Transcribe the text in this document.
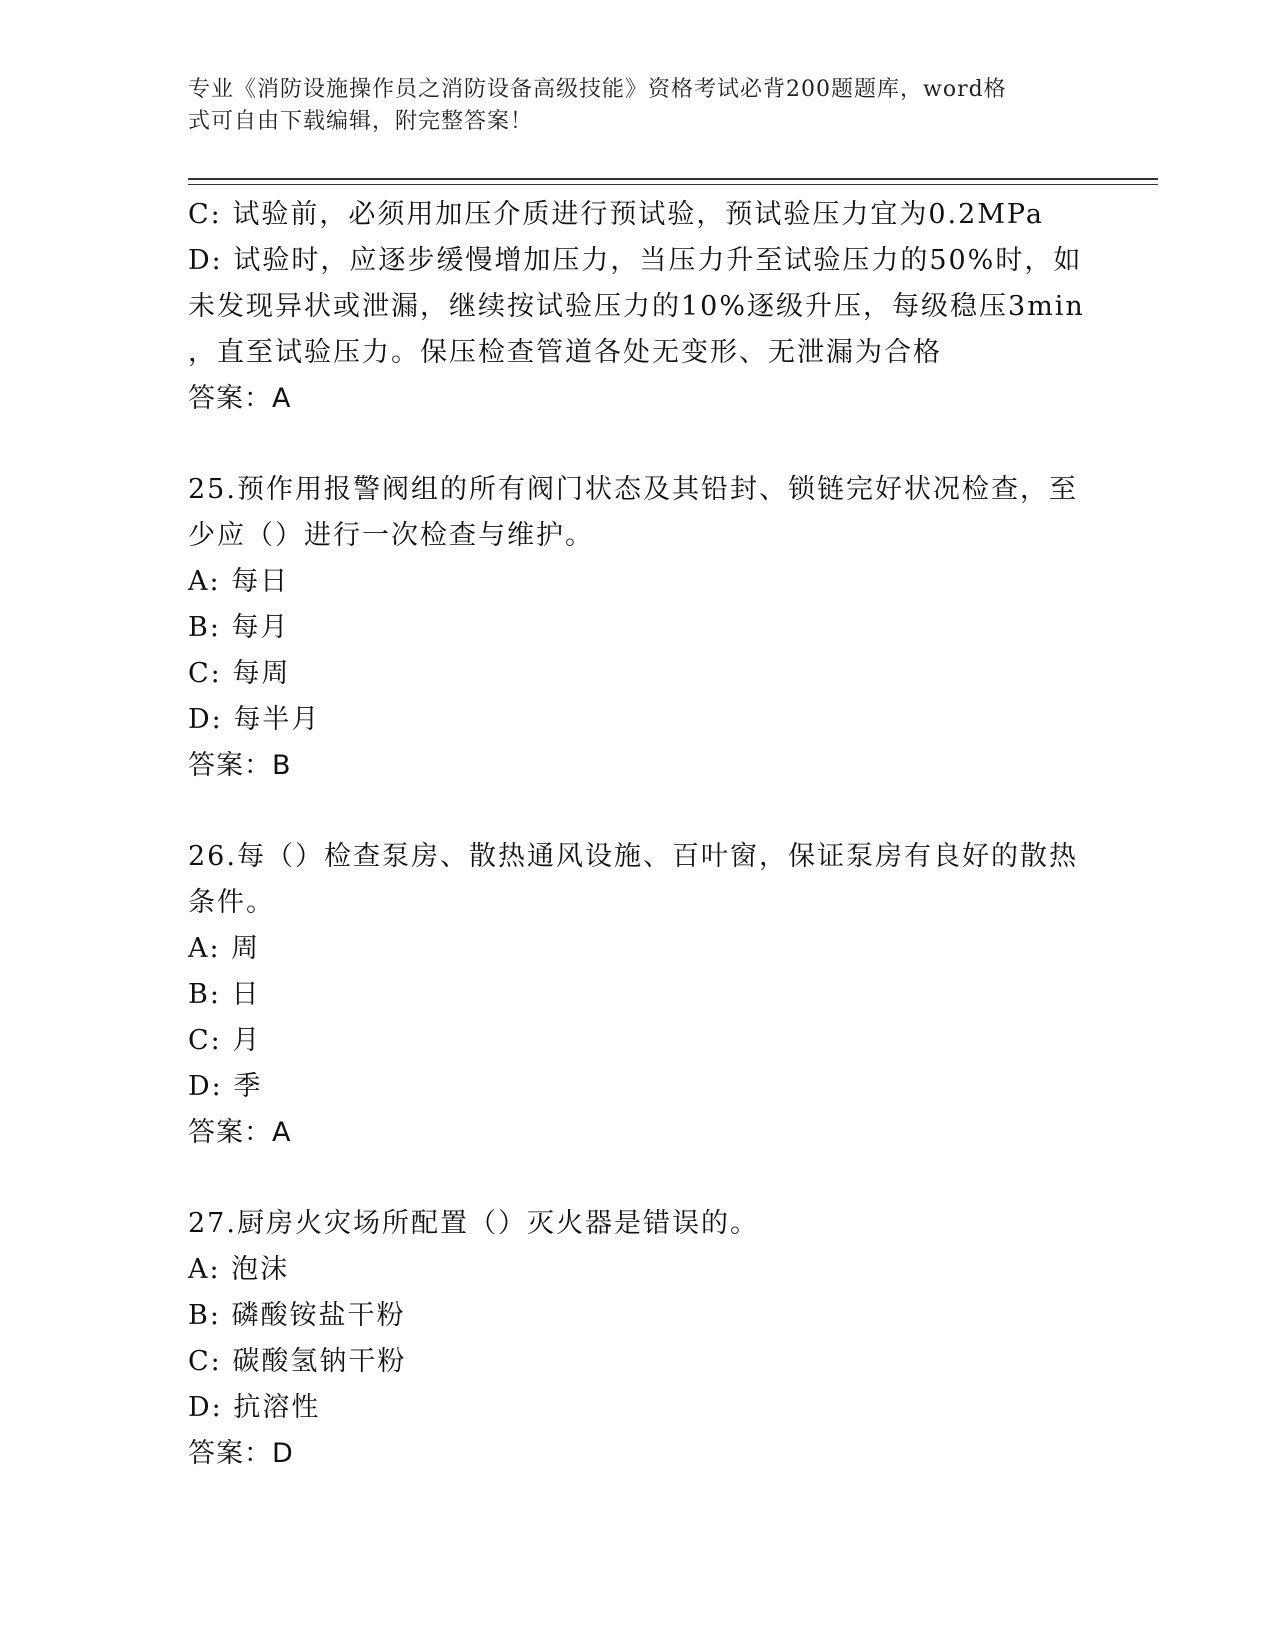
专业《消防设施操作员之消防设备高级技能》资格考试必背200题题库，word格
式可自由下载编辑，附完整答案！
C: 试验前，必须用加压介质进行预试验，预试验压力宜为0.2MPa
D: 试验时，应逐步缓慢增加压力，当压力升至试验压力的50%时，如
未发现异状或泄漏，继续按试验压力的10%逐级升压，每级稳压3min
，直至试验压力。保压检查管道各处无变形、无泄漏为合格
答案：A
25.预作用报警阀组的所有阀门状态及其铅封、锁链完好状况检查，至
少应（）进行一次检查与维护。
A: 每日
B: 每月
C: 每周
D: 每半月
答案：B
26.每（）检查泵房、散热通风设施、百叶窗，保证泵房有良好的散热
条件。
A: 周
B: 日
C: 月
D: 季
答案：A
27.厨房火灾场所配置（）灭火器是错误的。
A: 泡沫
B: 磷酸铵盐干粉
C: 碳酸氢钠干粉
D: 抗溶性
答案：D
